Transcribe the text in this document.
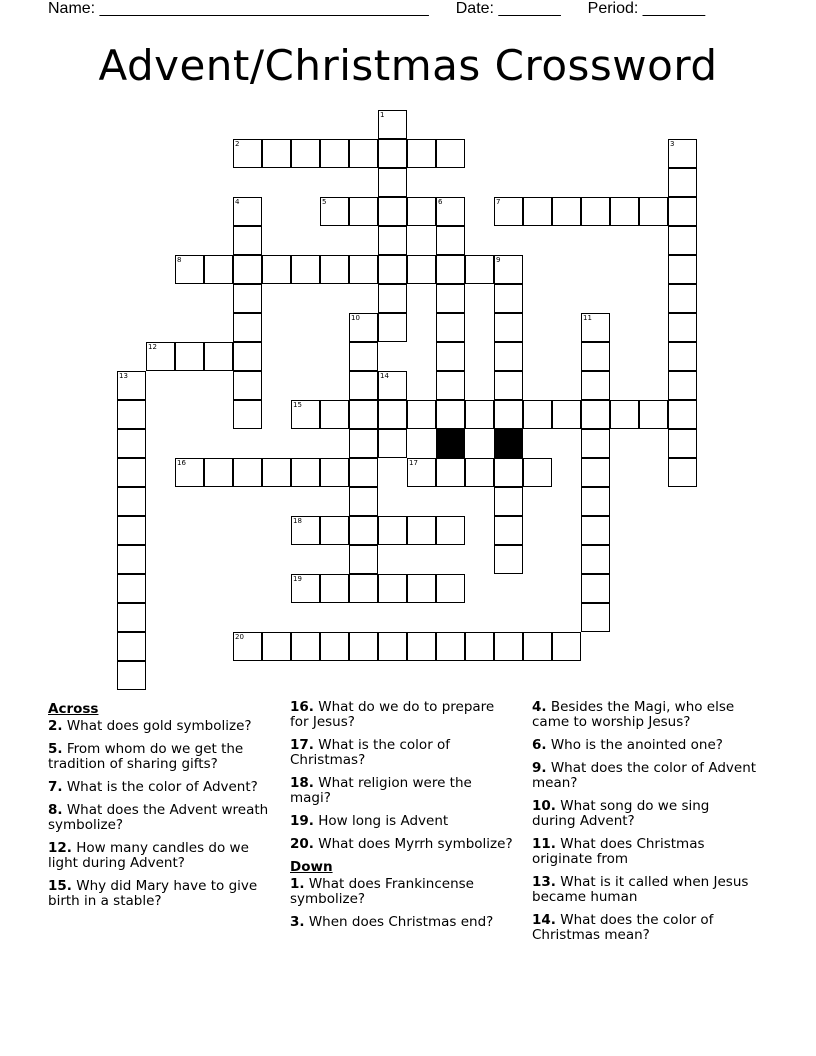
Name: _____________________________________ Date: _______ Period: _______
Advent/Christmas Crossword
1
2	3
4	5	6	7
8	9
10	11
12
13	14
15
16	17
18
19
20
Across
2. What does gold symbolize?
5. From whom do we get the tradition of sharing gifts?
7. What is the color of Advent?
8. What does the Advent wreath symbolize?
12. How many candles do we light during Advent?
15. Why did Mary have to give birth in a stable?
16. What do we do to prepare for Jesus?
17. What is the color of Christmas?
18. What religion were the magi?
19. How long is Advent
20. What does Myrrh symbolize?
Down
1. What does Frankincense symbolize?
3. When does Christmas end?
4. Besides the Magi, who else came to worship Jesus?
6. Who is the anointed one?
9. What does the color of Advent mean?
10. What song do we sing during Advent?
11. What does Christmas originate from
13. What is it called when Jesus became human
14. What does the color of Christmas mean?
